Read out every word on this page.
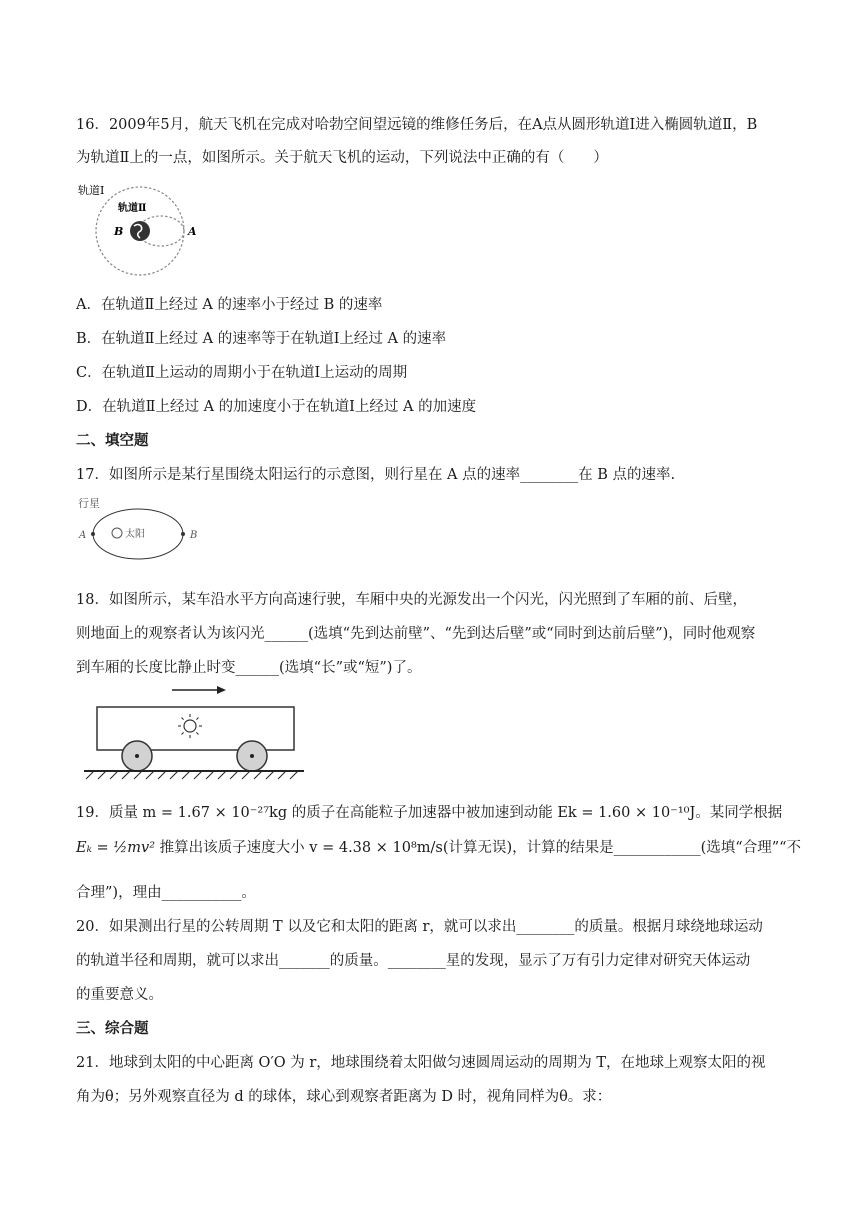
16．2009年5月，航天飞机在完成对哈勃空间望远镜的维修任务后，在A点从圆形轨道Ⅰ进入椭圆轨道Ⅱ，B
为轨道Ⅱ上的一点，如图所示。关于航天飞机的运动，下列说法中正确的有（　　）
轨道Ⅰ
轨道Ⅱ
B	A
A．在轨道Ⅱ上经过 A 的速率小于经过 B 的速率
B．在轨道Ⅱ上经过 A 的速率等于在轨道Ⅰ上经过 A 的速率
C．在轨道Ⅱ上运动的周期小于在轨道Ⅰ上运动的周期
D．在轨道Ⅱ上经过 A 的加速度小于在轨道Ⅰ上经过 A 的加速度
二、填空题
17．如图所示是某行星围绕太阳运行的示意图，则行星在 A 点的速率________在 B 点的速率.
行星
A	B
太阳
18．如图所示，某车沿水平方向高速行驶，车厢中央的光源发出一个闪光，闪光照到了车厢的前、后壁，
则地面上的观察者认为该闪光______(选填“先到达前壁”、“先到达后壁”或“同时到达前后壁”)，同时他观察
到车厢的长度比静止时变______(选填“长”或“短”)了。
19．质量 m = 1.67 × 10⁻²⁷kg 的质子在高能粒子加速器中被加速到动能 Ek = 1.60 × 10⁻¹⁰J。某同学根据
Eₖ = ½mv² 推算出该质子速度大小 v = 4.38 × 10⁸m/s(计算无误)，计算的结果是____________(选填“合理”“不
合理”)，理由___________。
20．如果测出行星的公转周期 T 以及它和太阳的距离 r，就可以求出________的质量。根据月球绕地球运动
的轨道半径和周期，就可以求出_______的质量。________星的发现，显示了万有引力定律对研究天体运动
的重要意义。
三、综合题
21．地球到太阳的中心距离 O′O 为 r，地球围绕着太阳做匀速圆周运动的周期为 T，在地球上观察太阳的视
角为θ；另外观察直径为 d 的球体，球心到观察者距离为 D 时，视角同样为θ。求：
